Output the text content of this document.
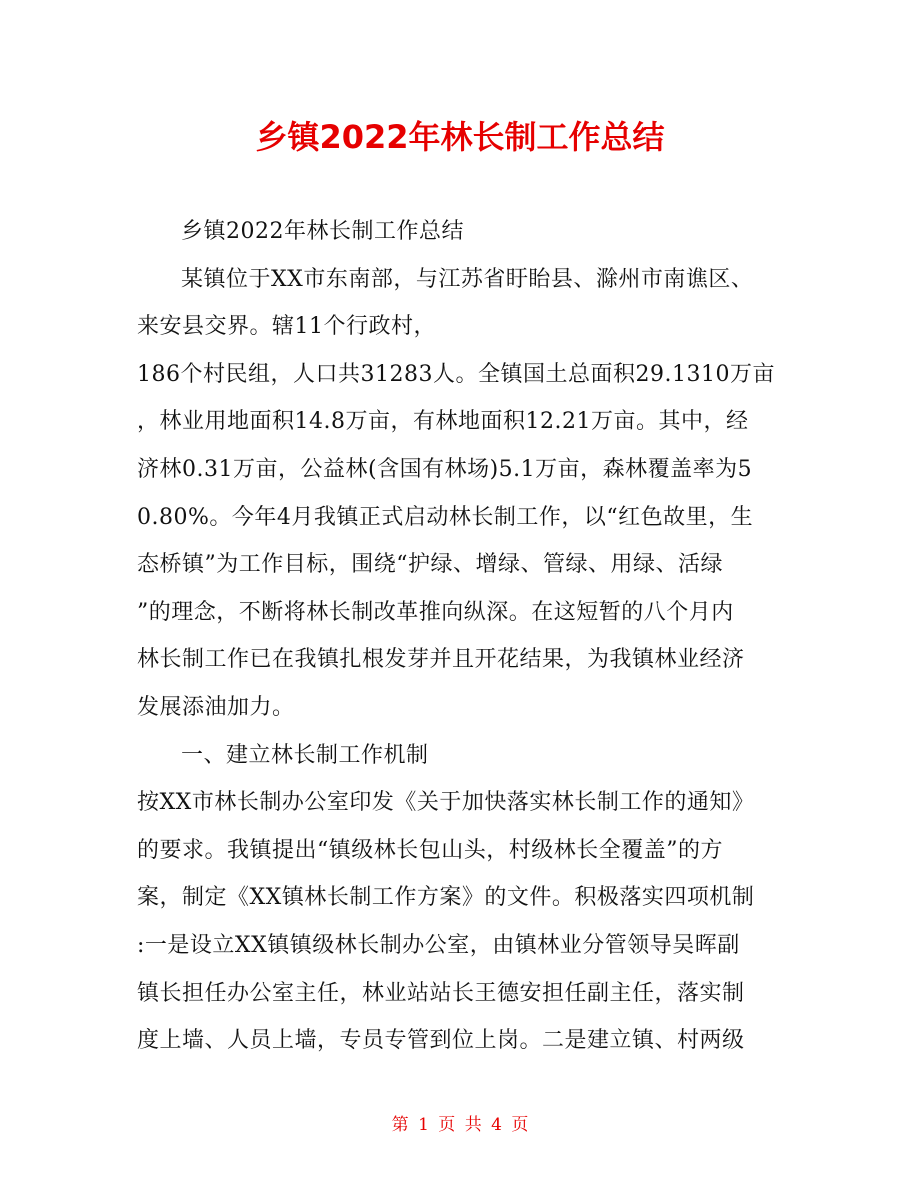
乡镇2022年林长制工作总结
乡镇2022年林长制工作总结
某镇位于XX市东南部，与江苏省盱眙县、滁州市南谯区、
来安县交界。辖11个行政村，
186个村民组，人口共31283人。全镇国土总面积29.1310万亩
，林业用地面积14.8万亩，有林地面积12.21万亩。其中，经
济林0.31万亩，公益林(含国有林场)5.1万亩，森林覆盖率为5
0.80%。今年4月我镇正式启动林长制工作，以“红色故里，生
态桥镇”为工作目标，围绕“护绿、增绿、管绿、用绿、活绿
”的理念，不断将林长制改革推向纵深。在这短暂的八个月内
林长制工作已在我镇扎根发芽并且开花结果，为我镇林业经济
发展添油加力。
一、建立林长制工作机制
按XX市林长制办公室印发《关于加快落实林长制工作的通知》
的要求。我镇提出“镇级林长包山头，村级林长全覆盖”的方
案，制定《XX镇林长制工作方案》的文件。积极落实四项机制
:一是设立XX镇镇级林长制办公室，由镇林业分管领导吴晖副
镇长担任办公室主任，林业站站长王德安担任副主任，落实制
度上墙、人员上墙，专员专管到位上岗。二是建立镇、村两级
第 1 页 共 4 页
